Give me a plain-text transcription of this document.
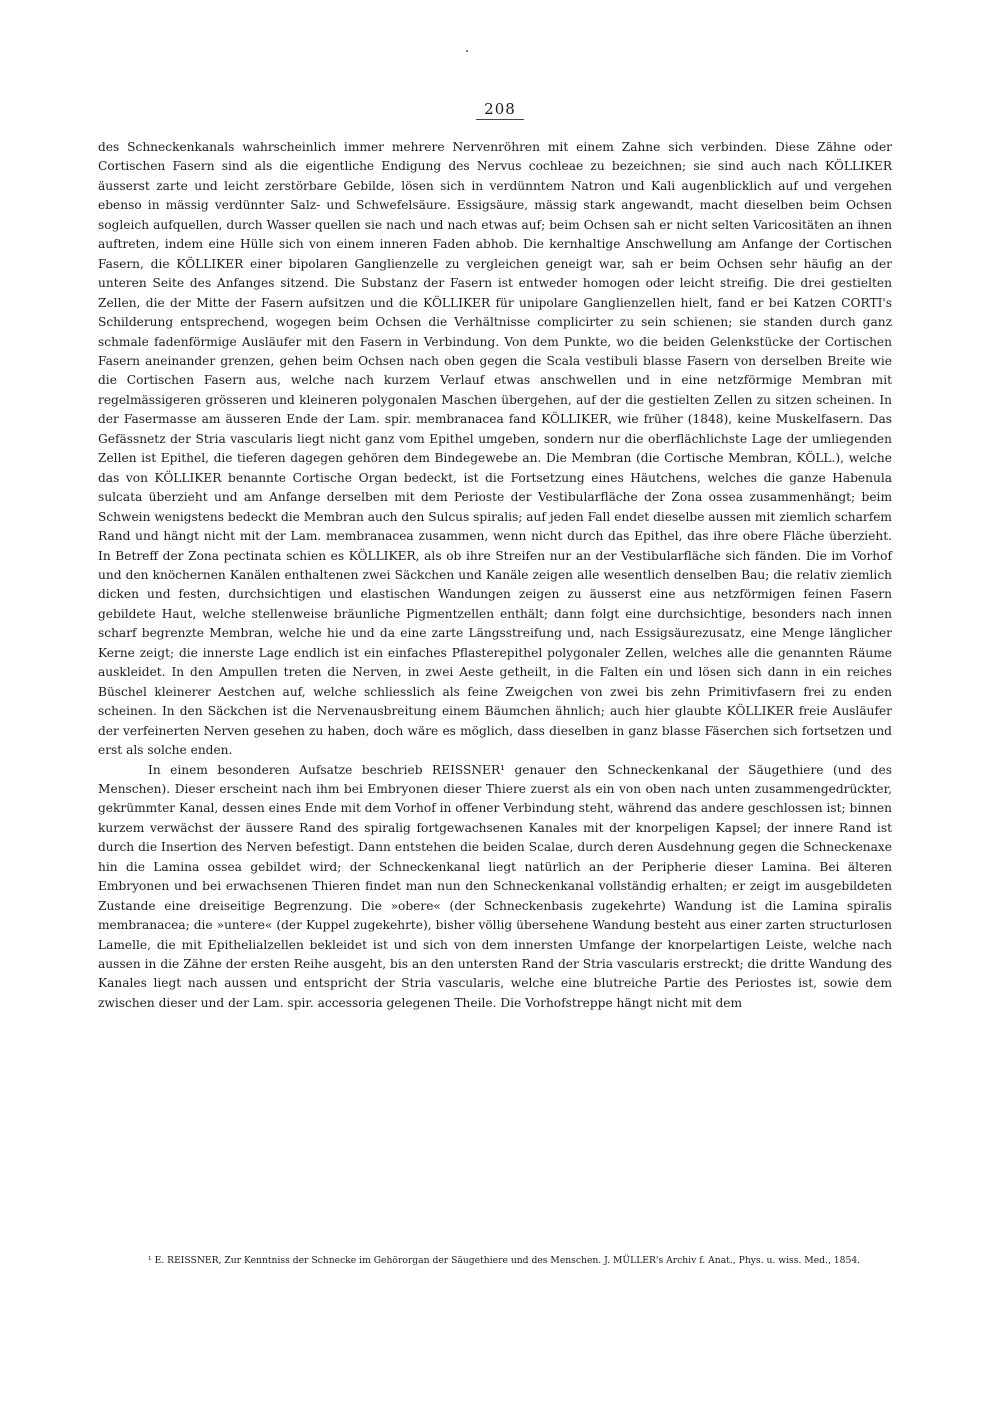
208

des Schneckenkanals wahrscheinlich immer mehrere Nervenröhren mit einem Zahne sich verbinden. Diese Zähne oder Cortischen Fasern sind als die eigentliche Endigung des Nervus cochleae zu bezeichnen; sie sind auch nach KÖLLIKER äusserst zarte und leicht zerstörbare Gebilde, lösen sich in verdünntem Natron und Kali augenblicklich auf und vergehen ebenso in mässig verdünnter Salz- und Schwefelsäure. Essigsäure, mässig stark angewandt, macht dieselben beim Ochsen sogleich aufquellen, durch Wasser quellen sie nach und nach etwas auf; beim Ochsen sah er nicht selten Varicositäten an ihnen auftreten, indem eine Hülle sich von einem inneren Faden abhob. Die kernhaltige Anschwellung am Anfange der Cortischen Fasern, die KÖLLIKER einer bipolaren Ganglienzelle zu vergleichen geneigt war, sah er beim Ochsen sehr häufig an der unteren Seite des Anfanges sitzend. Die Substanz der Fasern ist entweder homogen oder leicht streifig. Die drei gestielten Zellen, die der Mitte der Fasern aufsitzen und die KÖLLIKER für unipolare Ganglienzellen hielt, fand er bei Katzen CORTI's Schilderung entsprechend, wogegen beim Ochsen die Verhältnisse complicirter zu sein schienen; sie standen durch ganz schmale fadenförmige Ausläufer mit den Fasern in Verbindung. Von dem Punkte, wo die beiden Gelenkstücke der Cortischen Fasern aneinander grenzen, gehen beim Ochsen nach oben gegen die Scala vestibuli blasse Fasern von derselben Breite wie die Cortischen Fasern aus, welche nach kurzem Verlauf etwas anschwellen und in eine netzförmige Membran mit regelmässigeren grösseren und kleineren polygonalen Maschen übergehen, auf der die gestielten Zellen zu sitzen scheinen. In der Fasermasse am äusseren Ende der Lam. spir. membranacea fand KÖLLIKER, wie früher (1848), keine Muskelfasern. Das Gefässnetz der Stria vascularis liegt nicht ganz vom Epithel umgeben, sondern nur die oberflächlichste Lage der umliegenden Zellen ist Epithel, die tieferen dagegen gehören dem Bindegewebe an. Die Membran (die Cortische Membran, KÖLL.), welche das von KÖLLIKER benannte Cortische Organ bedeckt, ist die Fortsetzung eines Häutchens, welches die ganze Habenula sulcata überzieht und am Anfange derselben mit dem Perioste der Vestibularfläche der Zona ossea zusammenhängt; beim Schwein wenigstens bedeckt die Membran auch den Sulcus spiralis; auf jeden Fall endet dieselbe aussen mit ziemlich scharfem Rand und hängt nicht mit der Lam. membranacea zusammen, wenn nicht durch das Epithel, das ihre obere Fläche überzieht. In Betreff der Zona pectinata schien es KÖLLIKER, als ob ihre Streifen nur an der Vestibularfläche sich fänden. Die im Vorhof und den knöchernen Kanälen enthaltenen zwei Säckchen und Kanäle zeigen alle wesentlich denselben Bau; die relativ ziemlich dicken und festen, durchsichtigen und elastischen Wandungen zeigen zu äusserst eine aus netzförmigen feinen Fasern gebildete Haut, welche stellenweise bräunliche Pigmentzellen enthält; dann folgt eine durchsichtige, besonders nach innen scharf begrenzte Membran, welche hie und da eine zarte Längsstreifung und, nach Essigsäurezusatz, eine Menge länglicher Kerne zeigt; die innerste Lage endlich ist ein einfaches Pflasterepithel polygonaler Zellen, welches alle die genannten Räume auskleidet. In den Ampullen treten die Nerven, in zwei Aeste getheilt, in die Falten ein und lösen sich dann in ein reiches Büschel kleinerer Aestchen auf, welche schliesslich als feine Zweigchen von zwei bis zehn Primitivfasern frei zu enden scheinen. In den Säckchen ist die Nervenausbreitung einem Bäumchen ähnlich; auch hier glaubte KÖLLIKER freie Ausläufer der verfeinerten Nerven gesehen zu haben, doch wäre es möglich, dass dieselben in ganz blasse Fäserchen sich fortsetzen und erst als solche enden.

In einem besonderen Aufsatze beschrieb REISSNER¹ genauer den Schneckenkanal der Säugethiere (und des Menschen). Dieser erscheint nach ihm bei Embryonen dieser Thiere zuerst als ein von oben nach unten zusammengedrückter, gekrümmter Kanal, dessen eines Ende mit dem Vorhof in offener Verbindung steht, während das andere geschlossen ist; binnen kurzem verwächst der äussere Rand des spiralig fortgewachsenen Kanales mit der knorpeligen Kapsel; der innere Rand ist durch die Insertion des Nerven befestigt. Dann entstehen die beiden Scalae, durch deren Ausdehnung gegen die Schneckenaxe hin die Lamina ossea gebildet wird; der Schneckenkanal liegt natürlich an der Peripherie dieser Lamina. Bei älteren Embryonen und bei erwachsenen Thieren findet man nun den Schneckenkanal vollständig erhalten; er zeigt im ausgebildeten Zustande eine dreiseitige Begrenzung. Die »obere« (der Schneckenbasis zugekehrte) Wandung ist die Lamina spiralis membranacea; die »untere« (der Kuppel zugekehrte), bisher völlig übersehene Wandung besteht aus einer zarten structurlosen Lamelle, die mit Epithelialzellen bekleidet ist und sich von dem innersten Umfange der knorpelartigen Leiste, welche nach aussen in die Zähne der ersten Reihe ausgeht, bis an den untersten Rand der Stria vascularis erstreckt; die dritte Wandung des Kanales liegt nach aussen und entspricht der Stria vascularis, welche eine blutreiche Partie des Periostes ist, sowie dem zwischen dieser und der Lam. spir. accessoria gelegenen Theile. Die Vorhofstreppe hängt nicht mit dem

¹ E. REISSNER, Zur Kenntniss der Schnecke im Gehörorgan der Säugethiere und des Menschen. J. MÜLLER's Archiv f. Anat., Phys. u. wiss. Med., 1854.
